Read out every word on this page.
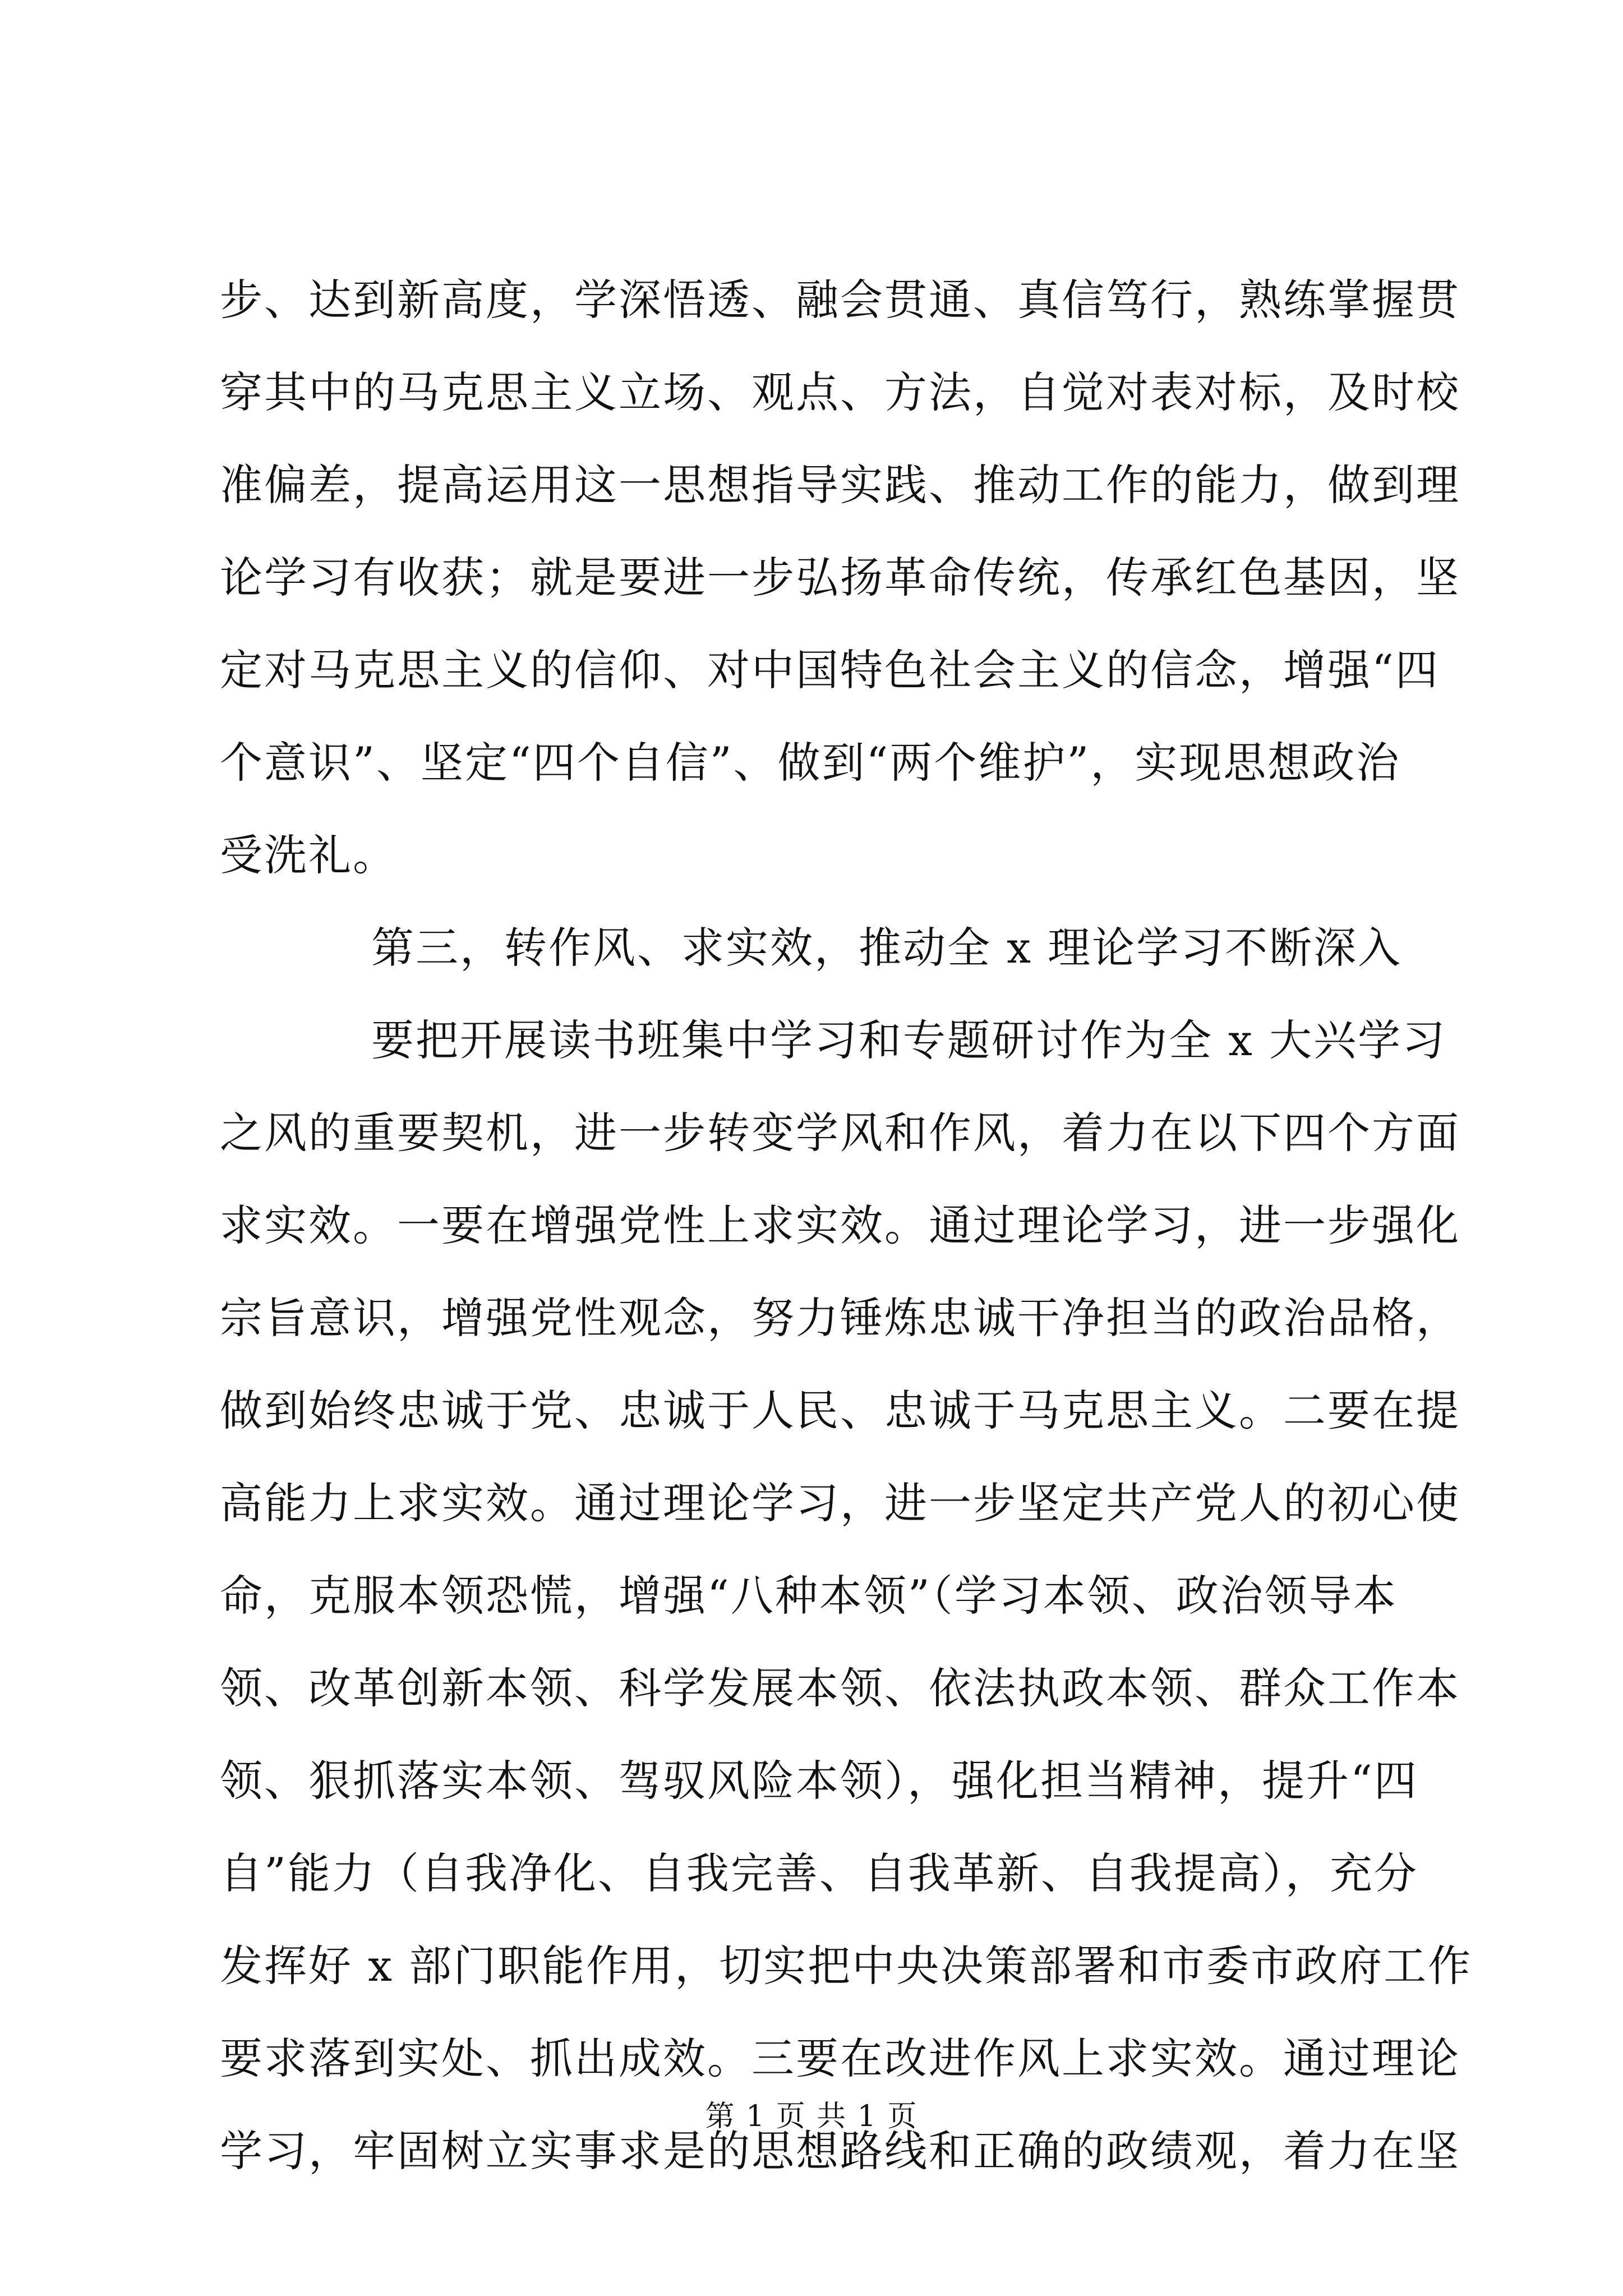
步、达到新高度，学深悟透、融会贯通、真信笃行，熟练掌握贯
穿其中的马克思主义立场、观点、方法，自觉对表对标，及时校
准偏差，提高运用这一思想指导实践、推动工作的能力，做到理
论学习有收获；就是要进一步弘扬革命传统，传承红色基因，坚
定对马克思主义的信仰、对中国特色社会主义的信念，增强“四
个意识”、坚定“四个自信”、做到“两个维护”，实现思想政治
受洗礼。
第三，转作风、求实效，推动全 x 理论学习不断深入
要把开展读书班集中学习和专题研讨作为全 x 大兴学习
之风的重要契机，进一步转变学风和作风，着力在以下四个方面
求实效。一要在增强党性上求实效。通过理论学习，进一步强化
宗旨意识，增强党性观念，努力锤炼忠诚干净担当的政治品格，
做到始终忠诚于党、忠诚于人民、忠诚于马克思主义。二要在提
高能力上求实效。通过理论学习，进一步坚定共产党人的初心使
命，克服本领恐慌，增强“八种本领”（学习本领、政治领导本
领、改革创新本领、科学发展本领、依法执政本领、群众工作本
领、狠抓落实本领、驾驭风险本领），强化担当精神，提升“四
自”能力（自我净化、自我完善、自我革新、自我提高），充分
发挥好 x 部门职能作用，切实把中央决策部署和市委市政府工作
要求落到实处、抓出成效。三要在改进作风上求实效。通过理论
学习，牢固树立实事求是的思想路线和正确的政绩观，着力在坚
第 1 页 共 1 页
